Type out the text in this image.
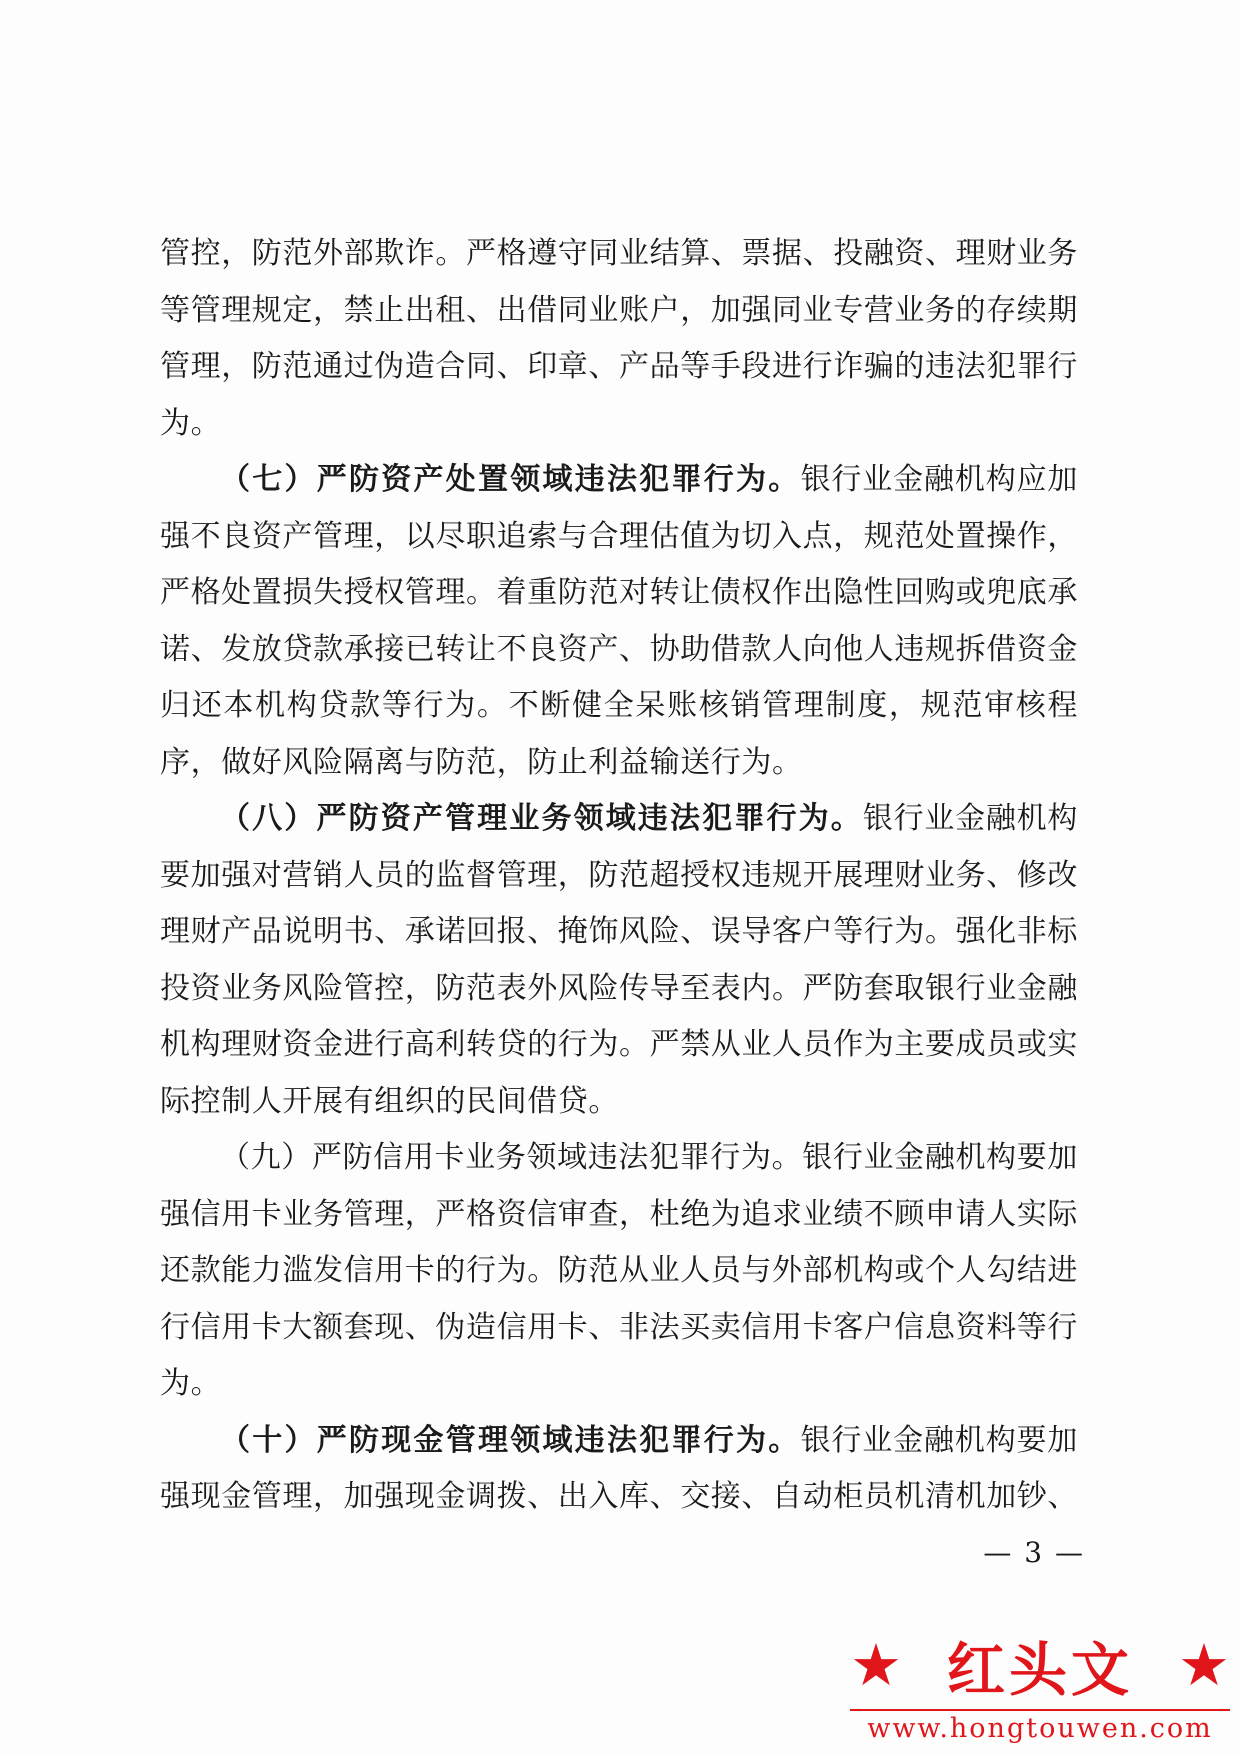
管控，防范外部欺诈。严格遵守同业结算、票据、投融资、理财业务等管理规定，禁止出租、出借同业账户，加强同业专营业务的存续期管理，防范通过伪造合同、印章、产品等手段进行诈骗的违法犯罪行为。

（七）严防资产处置领域违法犯罪行为。银行业金融机构应加强不良资产管理，以尽职追索与合理估值为切入点，规范处置操作，严格处置损失授权管理。着重防范对转让债权作出隐性回购或兜底承诺、发放贷款承接已转让不良资产、协助借款人向他人违规拆借资金归还本机构贷款等行为。不断健全呆账核销管理制度，规范审核程序，做好风险隔离与防范，防止利益输送行为。

（八）严防资产管理业务领域违法犯罪行为。银行业金融机构要加强对营销人员的监督管理，防范超授权违规开展理财业务、修改理财产品说明书、承诺回报、掩饰风险、误导客户等行为。强化非标投资业务风险管控，防范表外风险传导至表内。严防套取银行业金融机构理财资金进行高利转贷的行为。严禁从业人员作为主要成员或实际控制人开展有组织的民间借贷。

（九）严防信用卡业务领域违法犯罪行为。银行业金融机构要加强信用卡业务管理，严格资信审查，杜绝为追求业绩不顾申请人实际还款能力滥发信用卡的行为。防范从业人员与外部机构或个人勾结进行信用卡大额套现、伪造信用卡、非法买卖信用卡客户信息资料等行为。

（十）严防现金管理领域违法犯罪行为。银行业金融机构要加强现金管理，加强现金调拨、出入库、交接、自动柜员机清机加钞、

— 3 —
★ 红头文 ★
www.hongtouwen.com
